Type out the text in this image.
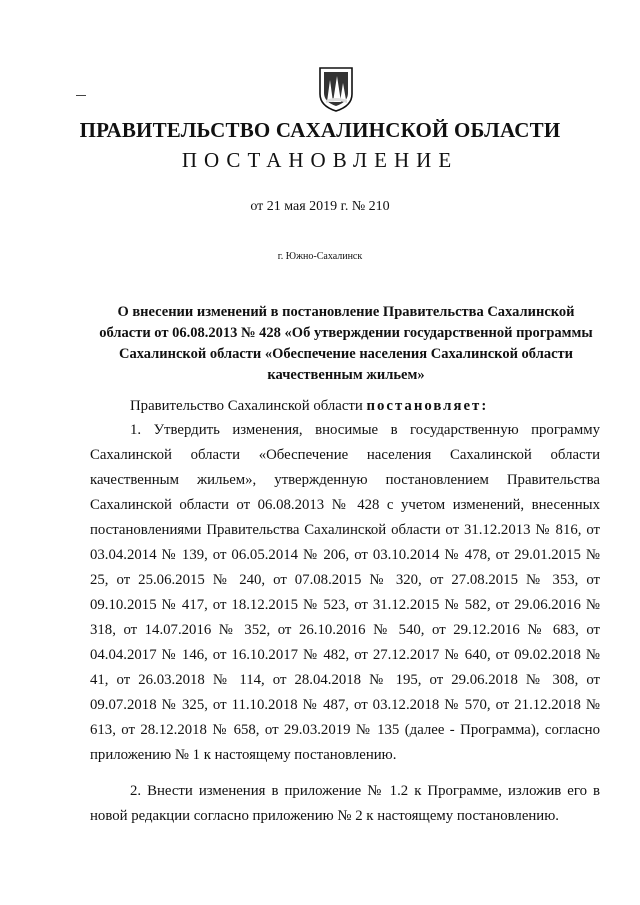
ПРАВИТЕЛЬСТВО САХАЛИНСКОЙ ОБЛАСТИ
ПОСТАНОВЛЕНИЕ
от 21 мая 2019 г. № 210
г. Южно-Сахалинск
О внесении изменений в постановление Правительства Сахалинской области от 06.08.2013 № 428 «Об утверждении государственной программы Сахалинской области «Обеспечение населения Сахалинской области качественным жильем»
Правительство Сахалинской области постановляет:
1. Утвердить изменения, вносимые в государственную программу Сахалинской области «Обеспечение населения Сахалинской области качественным жильем», утвержденную постановлением Правительства Сахалинской области от 06.08.2013 № 428 с учетом изменений, внесенных постановлениями Правительства Сахалинской области от 31.12.2013 № 816, от 03.04.2014 № 139, от 06.05.2014 № 206, от 03.10.2014 № 478, от 29.01.2015 № 25, от 25.06.2015 № 240, от 07.08.2015 № 320, от 27.08.2015 № 353, от 09.10.2015 № 417, от 18.12.2015 № 523, от 31.12.2015 № 582, от 29.06.2016 № 318, от 14.07.2016 № 352, от 26.10.2016 № 540, от 29.12.2016 № 683, от 04.04.2017 № 146, от 16.10.2017 № 482, от 27.12.2017 № 640, от 09.02.2018 № 41, от 26.03.2018 № 114, от 28.04.2018 № 195, от 29.06.2018 № 308, от 09.07.2018 № 325, от 11.10.2018 № 487, от 03.12.2018 № 570, от 21.12.2018 № 613, от 28.12.2018 № 658, от 29.03.2019 № 135 (далее - Программа), согласно приложению № 1 к настоящему постановлению.
2. Внести изменения в приложение № 1.2 к Программе, изложив его в новой редакции согласно приложению № 2 к настоящему постановлению.
